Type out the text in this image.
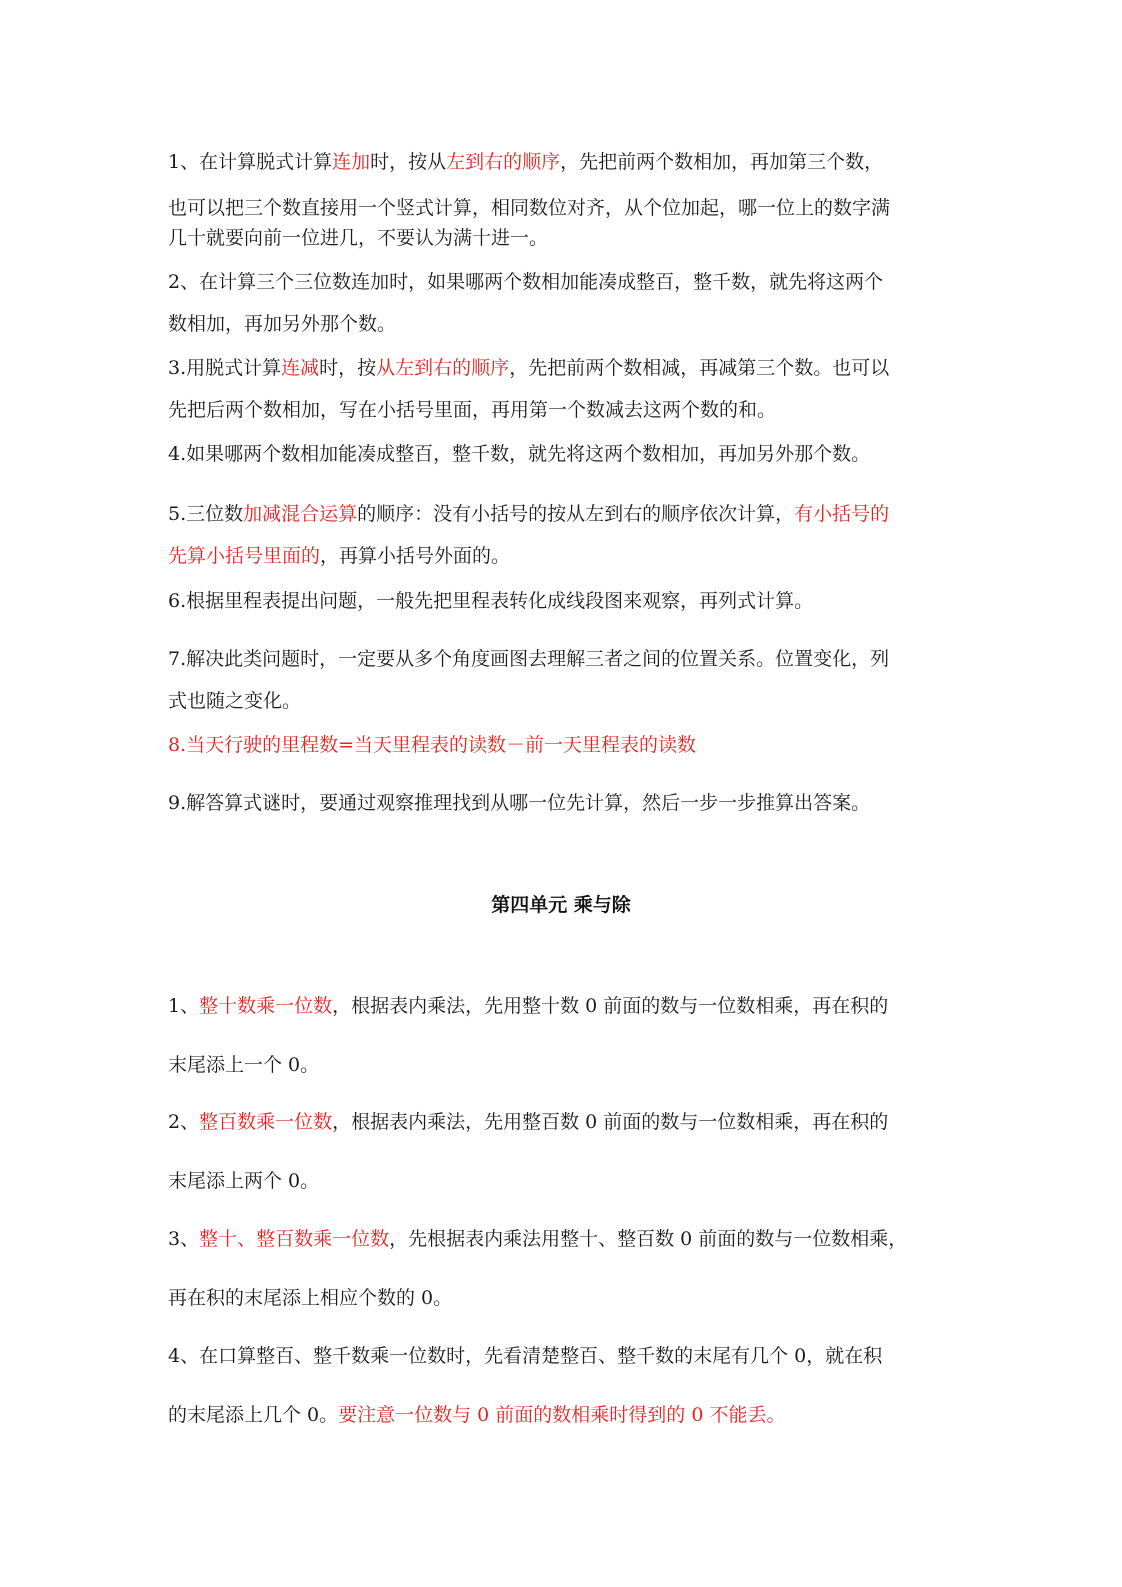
1、在计算脱式计算连加时，按从左到右的顺序，先把前两个数相加，再加第三个数，
也可以把三个数直接用一个竖式计算，相同数位对齐，从个位加起，哪一位上的数字满
几十就要向前一位进几，不要认为满十进一。
2、在计算三个三位数连加时，如果哪两个数相加能凑成整百，整千数，就先将这两个
数相加，再加另外那个数。
3.用脱式计算连减时，按从左到右的顺序，先把前两个数相减，再减第三个数。也可以
先把后两个数相加，写在小括号里面，再用第一个数减去这两个数的和。
4.如果哪两个数相加能凑成整百，整千数，就先将这两个数相加，再加另外那个数。
5.三位数加减混合运算的顺序：没有小括号的按从左到右的顺序依次计算，有小括号的
先算小括号里面的，再算小括号外面的。
6.根据里程表提出问题，一般先把里程表转化成线段图来观察，再列式计算。
7.解决此类问题时，一定要从多个角度画图去理解三者之间的位置关系。位置变化，列
式也随之变化。
8.当天行驶的里程数=当天里程表的读数－前一天里程表的读数
9.解答算式谜时，要通过观察推理找到从哪一位先计算，然后一步一步推算出答案。
第四单元 乘与除
1、整十数乘一位数，根据表内乘法，先用整十数 0 前面的数与一位数相乘，再在积的
末尾添上一个 0。
2、整百数乘一位数，根据表内乘法，先用整百数 0 前面的数与一位数相乘，再在积的
末尾添上两个 0。
3、整十、整百数乘一位数，先根据表内乘法用整十、整百数 0 前面的数与一位数相乘，
再在积的末尾添上相应个数的 0。
4、在口算整百、整千数乘一位数时，先看清楚整百、整千数的末尾有几个 0，就在积
的末尾添上几个 0。要注意一位数与 0 前面的数相乘时得到的 0 不能丢。
